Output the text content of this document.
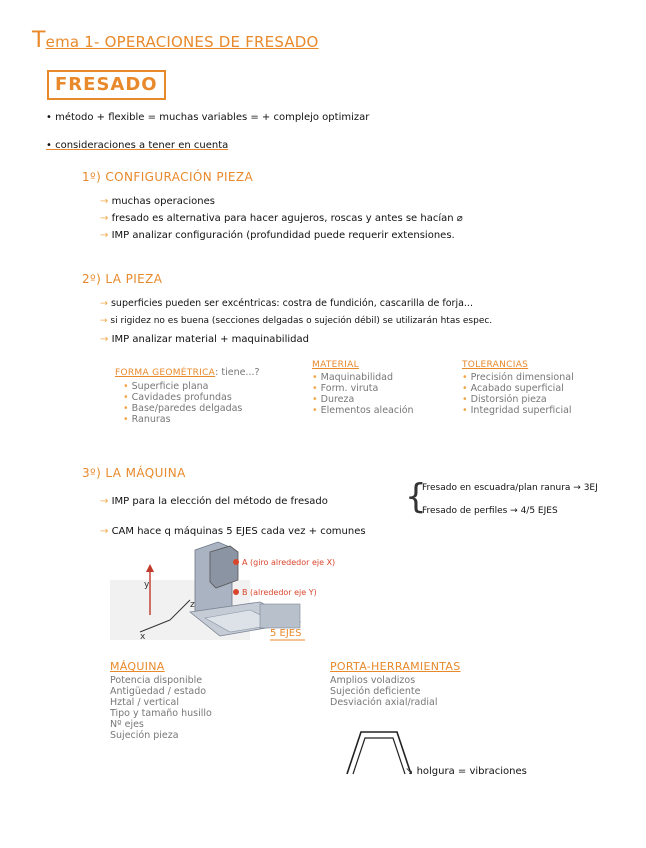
Tema 1- OPERACIONES DE FRESADO
FRESADO
• método + flexible = muchas variables = + complejo optimizar
• consideraciones a tener en cuenta
1º) CONFIGURACIÓN PIEZA
→ muchas operaciones
→ fresado es alternativa para hacer agujeros, roscas y antes se hacían ⌀
→ IMP analizar configuración (profundidad puede requerir extensiones.
2º) LA PIEZA
→ superficies pueden ser excéntricas: costra de fundición, cascarilla de forja...
→ si rigidez no es buena (secciones delgadas o sujeción débil) se utilizarán htas espec.
→ IMP analizar material + maquinabilidad
FORMA GEOMÉTRICA: tiene...?
• Superficie plana
• Cavidades profundas
• Base/paredes delgadas
• Ranuras
MATERIAL
• Maquinabilidad
• Form. viruta
• Dureza
• Elementos aleación
TOLERANCIAS
• Precisión dimensional
• Acabado superficial
• Distorsión pieza
• Integridad superficial
3º) LA MÁQUINA
→ IMP para la elección del método de fresado {
Fresado en escuadra/plan ranura → 3EJ
Fresado de perfiles → 4/5 EJES
→ CAM hace q máquinas 5 EJES cada vez + comunes
A (giro alrededor eje X)
B (alrededor eje Y)
y
z
x	5 EJES
MÁQUINA
Potencia disponible
Antigüedad / estado
Hztal / vertical
Tipo y tamaño husillo
Nº ejes
Sujeción pieza
PORTA-HERRAMIENTAS
Amplios voladizos
Sujeción deficiente
Desviación axial/radial
↘ holgura = vibraciones
